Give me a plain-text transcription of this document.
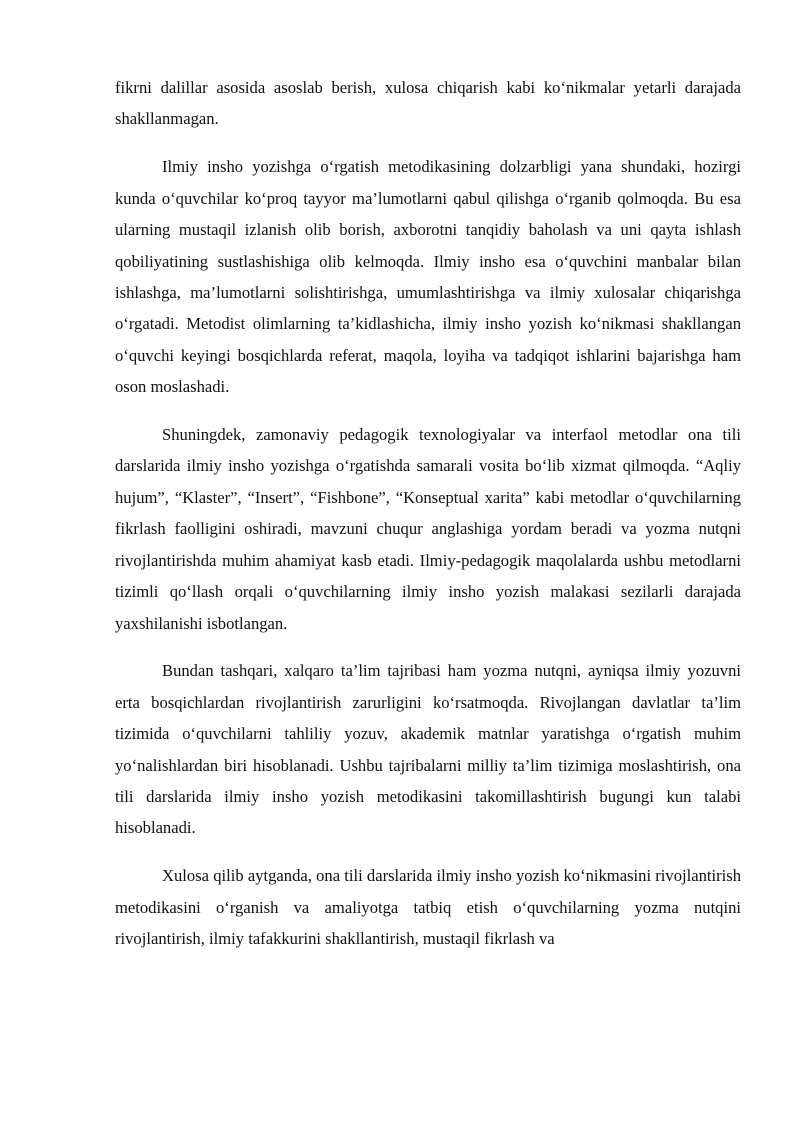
fikrni dalillar asosida asoslab berish, xulosa chiqarish kabi ko‘nikmalar yetarli darajada shakllanmagan.

Ilmiy insho yozishga o‘rgatish metodikasining dolzarbligi yana shundaki, hozirgi kunda o‘quvchilar ko‘proq tayyor ma’lumotlarni qabul qilishga o‘rganib qolmoqda. Bu esa ularning mustaqil izlanish olib borish, axborotni tanqidiy baholash va uni qayta ishlash qobiliyatining sustlashishiga olib kelmoqda. Ilmiy insho esa o‘quvchini manbalar bilan ishlashga, ma’lumotlarni solishtirishga, umumlashtirishga va ilmiy xulosalar chiqarishga o‘rgatadi. Metodist olimlarning ta’kidlashicha, ilmiy insho yozish ko‘nikmasi shakllangan o‘quvchi keyingi bosqichlarda referat, maqola, loyiha va tadqiqot ishlarini bajarishga ham oson moslashadi.

Shuningdek, zamonaviy pedagogik texnologiyalar va interfaol metodlar ona tili darslarida ilmiy insho yozishga o‘rgatishda samarali vosita bo‘lib xizmat qilmoqda. “Aqliy hujum”, “Klaster”, “Insert”, “Fishbone”, “Konseptual xarita” kabi metodlar o‘quvchilarning fikrlash faolligini oshiradi, mavzuni chuqur anglashiga yordam beradi va yozma nutqni rivojlantirishda muhim ahamiyat kasb etadi. Ilmiy-pedagogik maqolalarda ushbu metodlarni tizimli qo‘llash orqali o‘quvchilarning ilmiy insho yozish malakasi sezilarli darajada yaxshilanishi isbotlangan.

Bundan tashqari, xalqaro ta’lim tajribasi ham yozma nutqni, ayniqsa ilmiy yozuvni erta bosqichlardan rivojlantirish zarurligini ko‘rsatmoqda. Rivojlangan davlatlar ta’lim tizimida o‘quvchilarni tahliliy yozuv, akademik matnlar yaratishga o‘rgatish muhim yo‘nalishlardan biri hisoblanadi. Ushbu tajribalarni milliy ta’lim tizimiga moslashtirish, ona tili darslarida ilmiy insho yozish metodikasini takomillashtirish bugungi kun talabi hisoblanadi.

Xulosa qilib aytganda, ona tili darslarida ilmiy insho yozish ko‘nikmasini rivojlantirish metodikasini o‘rganish va amaliyotga tatbiq etish o‘quvchilarning yozma nutqini rivojlantirish, ilmiy tafakkurini shakllantirish, mustaqil fikrlash va
